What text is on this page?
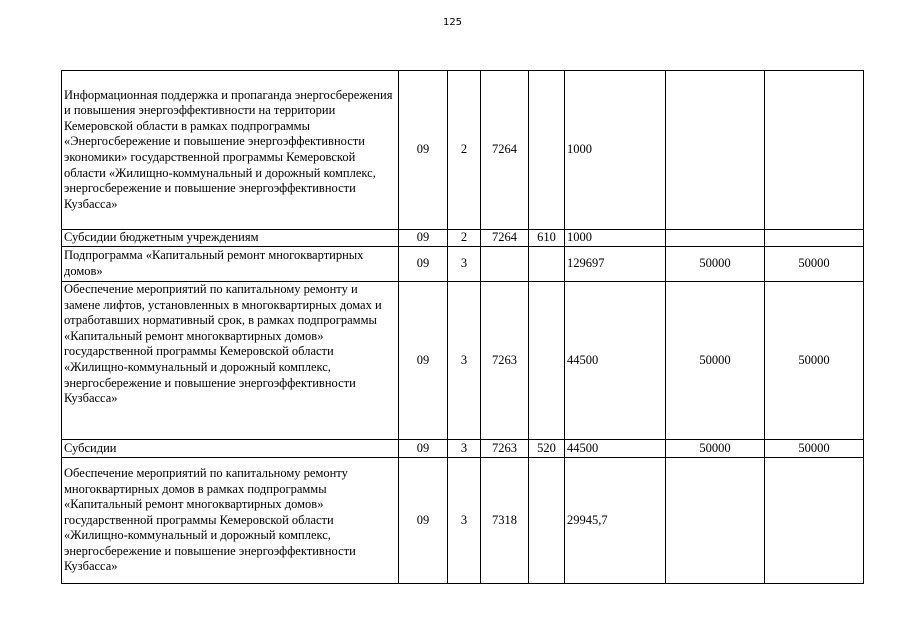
125
Информационная поддержка и пропаганда энергосбережения и повышения энергоэффективности на территории Кемеровской области в рамках подпрограммы «Энергосбережение и повышение энергоэффективности экономики» государственной программы Кемеровской области «Жилищно-коммунальный и дорожный комплекс, энергосбережение и повышение энергоэффективности Кузбасса»	09	2	7264		1000		
Субсидии бюджетным учреждениям	09	2	7264	610	1000		
Подпрограмма «Капитальный ремонт многоквартирных домов»	09	3			129697	50000	50000
Обеспечение мероприятий по капитальному ремонту и замене лифтов, установленных в многоквартирных домах и отработавших нормативный срок, в рамках подпрограммы «Капитальный ремонт многоквартирных домов» государственной программы Кемеровской области «Жилищно-коммунальный и дорожный комплекс, энергосбережение и повышение энергоэффективности Кузбасса»	09	3	7263		44500	50000	50000
Субсидии	09	3	7263	520	44500	50000	50000
Обеспечение мероприятий по капитальному ремонту многоквартирных домов в рамках подпрограммы «Капитальный ремонт многоквартирных домов» государственной программы Кемеровской области «Жилищно-коммунальный и дорожный комплекс, энергосбережение и повышение энергоэффективности Кузбасса»	09	3	7318		29945,7		
